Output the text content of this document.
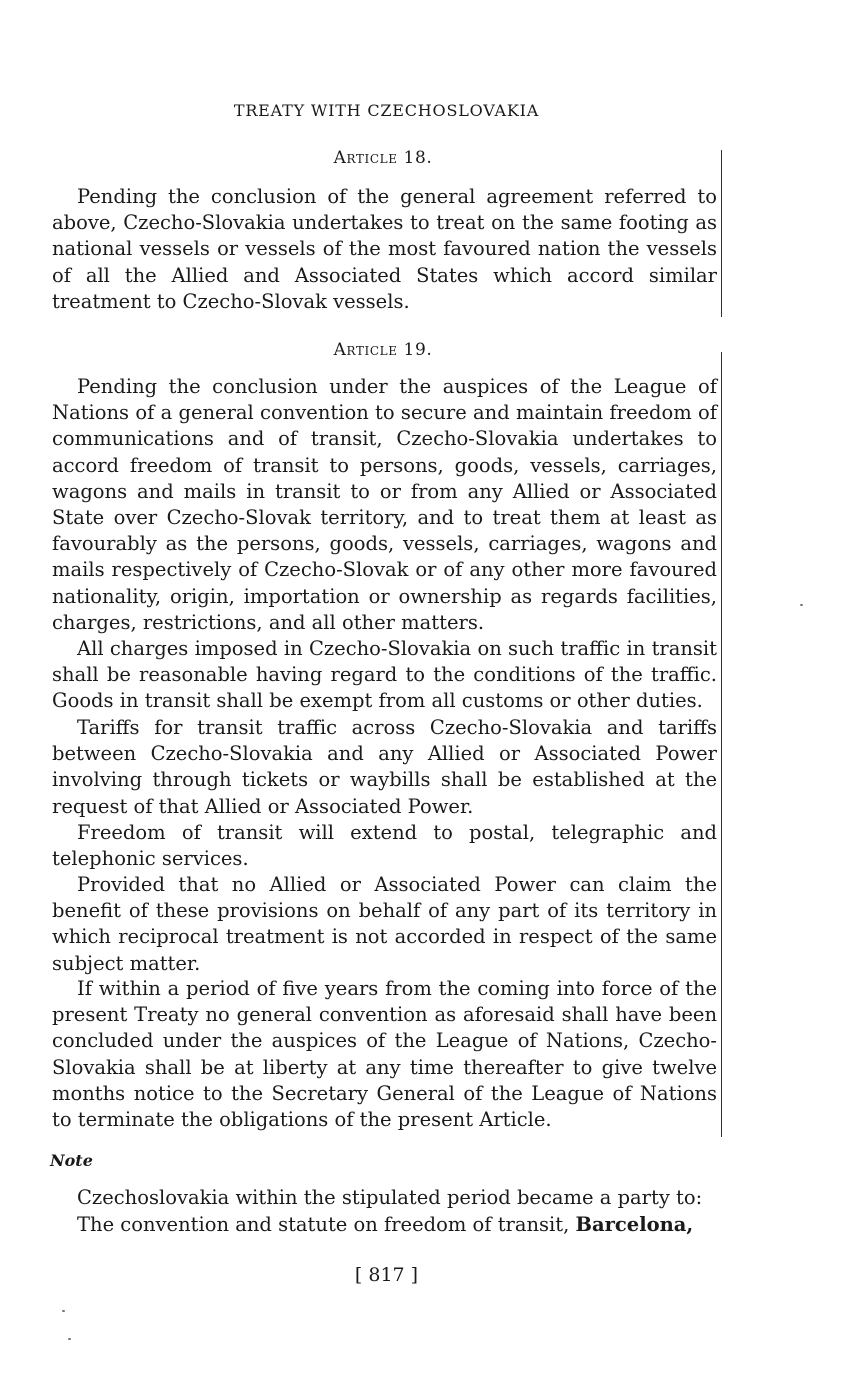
TREATY WITH CZECHOSLOVAKIA
Article 18.

Pending the conclusion of the general agreement referred to above, Czecho-Slovakia undertakes to treat on the same footing as national vessels or vessels of the most favoured nation the vessels of all the Allied and Associated States which accord similar treatment to Czecho-Slovak vessels.

Article 19.

Pending the conclusion under the auspices of the League of Nations of a general convention to secure and maintain freedom of communications and of transit, Czecho-Slovakia undertakes to accord freedom of transit to persons, goods, vessels, carriages, wagons and mails in transit to or from any Allied or Associated State over Czecho-Slovak territory, and to treat them at least as favourably as the persons, goods, vessels, carriages, wagons and mails respectively of Czecho-Slovak or of any other more favoured nationality, origin, importation or ownership as regards facilities, charges, restrictions, and all other matters.

All charges imposed in Czecho-Slovakia on such traffic in transit shall be reasonable having regard to the conditions of the traffic. Goods in transit shall be exempt from all customs or other duties.

Tariffs for transit traffic across Czecho-Slovakia and tariffs between Czecho-Slovakia and any Allied or Associated Power involving through tickets or waybills shall be established at the request of that Allied or Associated Power.

Freedom of transit will extend to postal, telegraphic and telephonic services.

Provided that no Allied or Associated Power can claim the benefit of these provisions on behalf of any part of its territory in which reciprocal treatment is not accorded in respect of the same subject matter.

If within a period of five years from the coming into force of the present Treaty no general convention as aforesaid shall have been concluded under the auspices of the League of Nations, Czecho-Slovakia shall be at liberty at any time thereafter to give twelve months notice to the Secretary General of the League of Nations to terminate the obligations of the present Article.

Note

Czechoslovakia within the stipulated period became a party to:

The convention and statute on freedom of transit, Barcelona,

[ 817 ]
